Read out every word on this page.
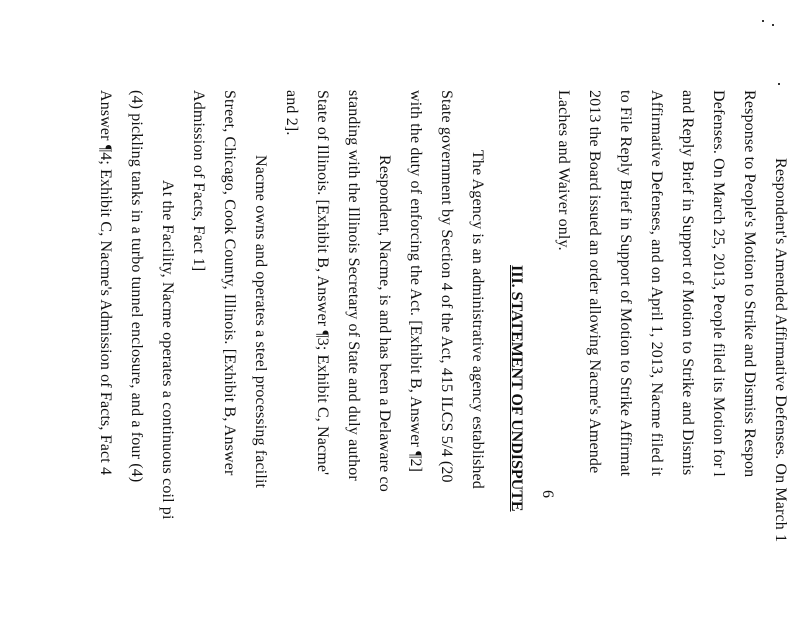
Respondent's Amended Affirmative Defenses. On March 1
Response to People's Motion to Strike and Dismiss Respon
Defenses. On March 25, 2013, People filed its Motion for l
and Reply Brief in Support of Motion to Strike and Dismis
Affirmative Defenses, and on April 1, 2013, Nacme filed it
to File Reply Brief in Support of Motion to Strike Affirmat
2013 the Board issued an order allowing Nacme's Amende
Laches and Waiver only.
III. STATEMENT OF UNDISPUTE
The Agency is an administrative agency established
State government by Section 4 of the Act, 415 ILCS 5/4 (20
with the duty of enforcing the Act. [Exhibit B, Answer ¶2]
Respondent, Nacme, is and has been a Delaware co
standing with the Illinois Secretary of State and duly author
State of Illinois. [Exhibit B, Answer ¶3; Exhibit C, Nacme'
and 2].
Nacme owns and operates a steel processing facilit
Street, Chicago, Cook County, Illinois. [Exhibit B, Answer
Admission of Facts, Fact 1]
At the Facility, Nacme operates a continuous coil pi
(4) pickling tanks in a turbo tunnel enclosure, and a four (4)
Answer ¶4; Exhibit C, Nacme's Admission of Facts, Fact 4
6
